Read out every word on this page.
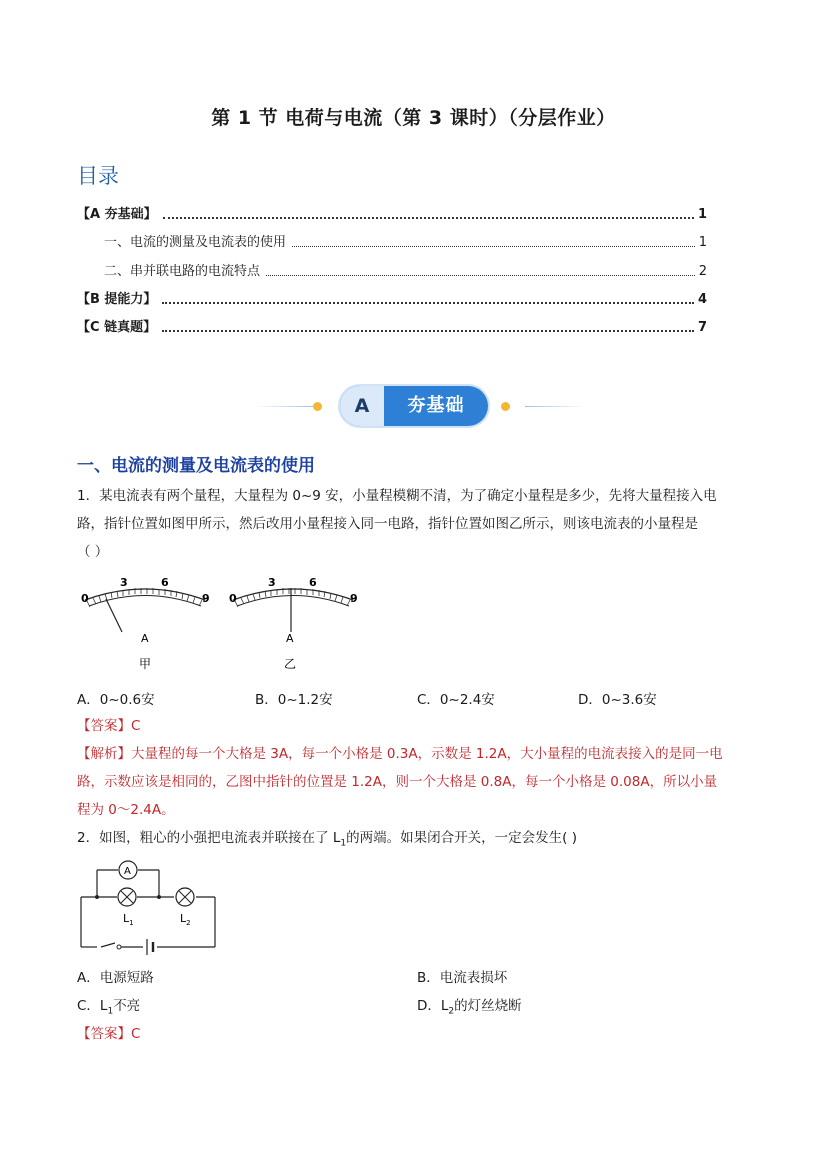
第 1 节 电荷与电流（第 3 课时）（分层作业）
目录
【A 夯基础】	1
一、电流的测量及电流表的使用	1
二、串并联电路的电流特点	2
【B 提能力】	4
【C 链真题】	7
A	夯基础
一、电流的测量及电流表的使用
1．某电流表有两个量程，大量程为 0~9 安，小量程模糊不清，为了确定小量程是多少，先将大量程接入电
路，指针位置如图甲所示，然后改用小量程接入同一电路，指针位置如图乙所示，则该电流表的小量程是
（ ）
0
3	6
9
A
甲
0
3	6
9
A
乙
A．0~0.6安	B．0~1.2安	C．0~2.4安	D．0~3.6安
【答案】C
【解析】大量程的每一个大格是 3A，每一个小格是 0.3A，示数是 1.2A，大小量程的电流表接入的是同一电
路，示数应该是相同的，乙图中指针的位置是 1.2A，则一个大格是 0.8A，每一个小格是 0.08A，所以小量
程为 0～2.4A。
2．如图，粗心的小强把电流表并联接在了 $L_1$的两端。如果闭合开关，一定会发生( )
A
$L_1$	$L_2$
A．电源短路	B．电流表损坏
C．$L_1$不亮	D．$L_2$的灯丝烧断
【答案】C
